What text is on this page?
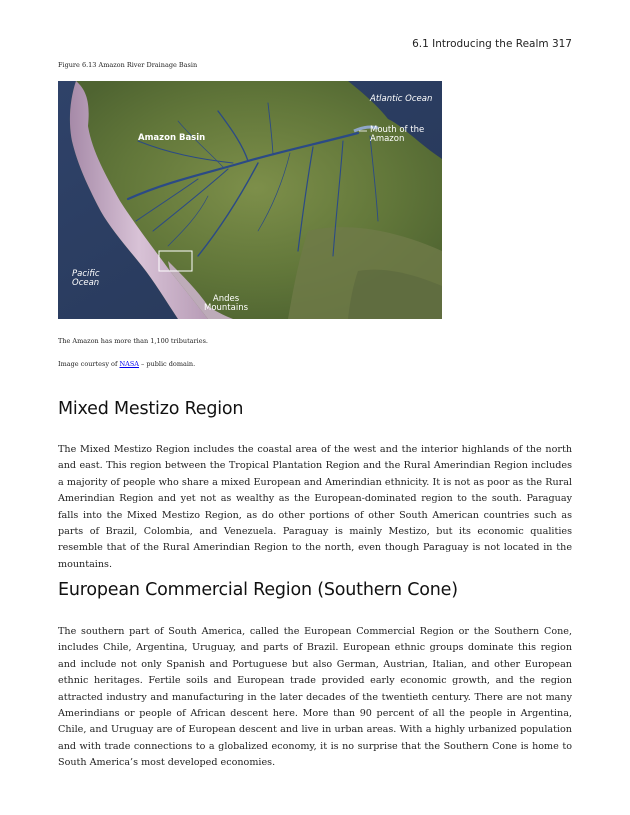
6.1 Introducing the Realm 317
Figure 6.13 Amazon River Drainage Basin
Atlantic Ocean
Amazon Basin
Mouth of the
Amazon
Pacific
Ocean
Andes
Mountains
The Amazon has more than 1,100 tributaries.
Image courtesy of NASA – public domain.
Mixed Mestizo Region

The Mixed Mestizo Region includes the coastal area of the west and the interior highlands of the north and east. This region between the Tropical Plantation Region and the Rural Amerindian Region includes a majority of people who share a mixed European and Amerindian ethnicity. It is not as poor as the Rural Amerindian Region and yet not as wealthy as the European-dominated region to the south. Paraguay falls into the Mixed Mestizo Region, as do other portions of other South American countries such as parts of Brazil, Colombia, and Venezuela. Paraguay is mainly Mestizo, but its economic qualities resemble that of the Rural Amerindian Region to the north, even though Paraguay is not located in the mountains.

European Commercial Region (Southern Cone)

The southern part of South America, called the European Commercial Region or the Southern Cone, includes Chile, Argentina, Uruguay, and parts of Brazil. European ethnic groups dominate this region and include not only Spanish and Portuguese but also German, Austrian, Italian, and other European ethnic heritages. Fertile soils and European trade provided early economic growth, and the region attracted industry and manufacturing in the later decades of the twentieth century. There are not many Amerindians or people of African descent here. More than 90 percent of all the people in Argentina, Chile, and Uruguay are of European descent and live in urban areas. With a highly urbanized population and with trade connections to a globalized economy, it is no surprise that the Southern Cone is home to South America’s most developed economies.
